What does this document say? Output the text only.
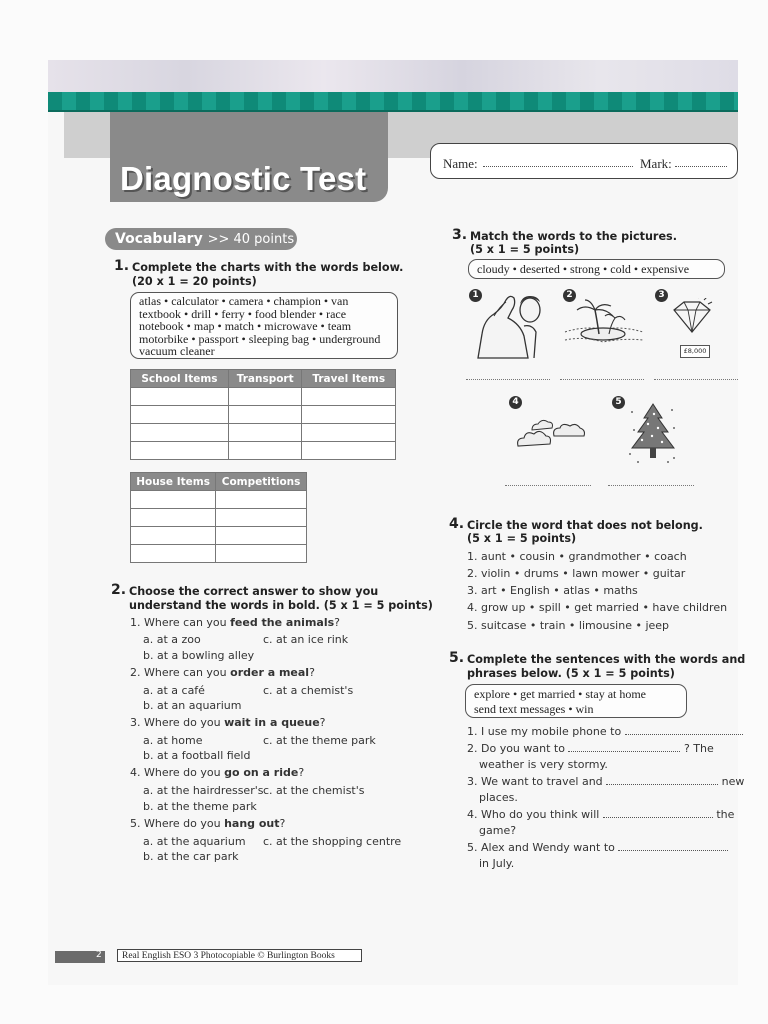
Diagnostic Test	Name:	Mark:
Vocabulary >> 40 points
1. Complete the charts with the words below.
(20 x 1 = 20 points)
atlas • calculator • camera • champion • van textbook • drill • ferry • food blender • race notebook • map • match • microwave • team motorbike • passport • sleeping bag • underground vacuum cleaner
School Items	Transport	Travel Items

House Items	Competitions

2. Choose the correct answer to show you
understand the words in bold. (5 x 1 = 5 points)
1. Where can you feed the animals?
a. at a zoo	c. at an ice rink
b. at a bowling alley
2. Where can you order a meal?
a. at a café	c. at a chemist's
b. at an aquarium
3. Where do you wait in a queue?
a. at home	c. at the theme park
b. at a football field
4. Where do you go on a ride?
a. at the hairdresser's c. at the chemist's
b. at the theme park
5. Where do you hang out?
a. at the aquarium c. at the shopping centre
b. at the car park
3. Match the words to the pictures.
(5 x 1 = 5 points)
cloudy • deserted • strong • cold • expensive
1	2	3
£8,000
4	5
4. Circle the word that does not belong.
(5 x 1 = 5 points)
1. aunt • cousin • grandmother • coach
2. violin • drums • lawn mower • guitar
3. art • English • atlas • maths
4. grow up • spill • get married • have children
5. suitcase • train • limousine • jeep
5. Complete the sentences with the words and
phrases below. (5 x 1 = 5 points)
explore • get married • stay at home
send text messages • win
1. I use my mobile phone to
2. Do you want to	? The
weather is very stormy.
3. We want to travel and	new
places.
4. Who do you think will	the
game?
5. Alex and Wendy want to
in July.
2	Real English ESO 3 Photocopiable © Burlington Books
